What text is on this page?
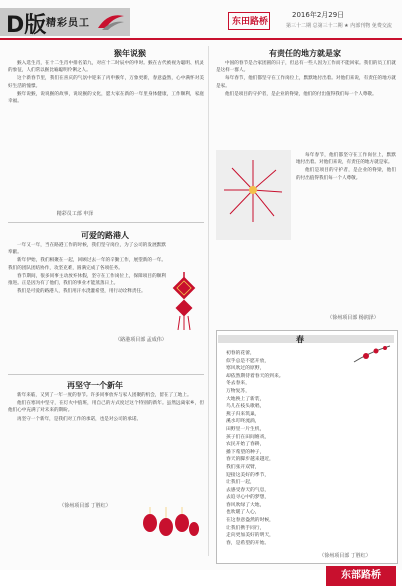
D版 精彩员工	东田路桥
2016年2月29日
第三十二期 总第三十二期 ★ 内部刊物 免费交流
猴年说猴

猴入选生肖，在十二生肖中排名第九，对应十二时辰中的申时。猴在古代被视为聪明、机灵的象征，人们常以猴比喻聪明伶俐之人。

这个新春节里，我们在喜庆的气氛中迎来了丙申猴年，万象更新，春意盎然，心中满怀对美好生活的憧憬。

猴年说猴，说说猴的故事，说说猴的文化，愿大家在新的一年里身体健康，工作顺利，家庭幸福。

精彩员工部 申泽
可爱的路港人

一年又一年，当在路港工作的时候，我们坚守岗位，为了公司的发展默默奉献。

新年伊始，我们相聚在一起，回顾过去一年的辛勤工作，展望新的一年。我们的团队团结协作，攻坚克难，圆满完成了各项任务。

春节期间，很多同事主动放弃休假，坚守在工作岗位上，保障项目的顺利推进。正是因为有了他们，我们的事业才能蒸蒸日上。

我们是可爱的路港人，我们用汗水浇灌希望，用行动诠释责任。

（路港项目部 孟成伟）
再坚守一个新年

新年来临，又到了一年一度的春节。许多同事放弃与家人团聚的机会，留在了工地上。

他们在寒风中坚守，在灯火中值班，用自己的方式度过这个特别的新年。虽然远离家乡，但他们心中充满了对未来的期盼。

再坚守一个新年，是我们对工作的承诺，也是对公司的承诺。

（徐州项目部 丁胜红）
有责任的地方就是家

中国的春节是合家团圆的日子，但总有一些人因为工作而不能回家。我们的员工们就是这样一群人。

每年春节，他们都坚守在工作岗位上，默默地付出着。对他们来说，有责任的地方就是家。

他们是项目的守护者，是企业的脊梁，他们的付出值得我们每一个人尊敬。

每年春节，他们都坚守在工作岗位上，默默地付出着。对他们来说，有责任的地方就是家。

他们是项目的守护者，是企业的脊梁，他们的付出值得我们每一个人尊敬。

（徐州项目部 杨润泽）
春
初春的花蕾，
似乎总是不愿开放，
寒风吹过的原野，
却依然期待着春天的到来。
冬去春来，
万物复苏，
大地换上了新装，
鸟儿在枝头歌唱，
燕子归来筑巢，
溪水叮咚流淌，
田野里一片生机，
孩子们在田间嬉戏，
农民开始了春耕，
播下希望的种子，
春天的脚步越来越近，
我们张开双臂，
迎接这美好的季节，
让我们一起，
去感受春天的气息，
去追寻心中的梦想，
春风吹绿了大地，
也吹暖了人心，
在这春意盎然的时候，
让我们携手同行，
走向更加美好的明天，
春，是希望的开始。
（徐州项目部 丁胜红）
东部路桥
